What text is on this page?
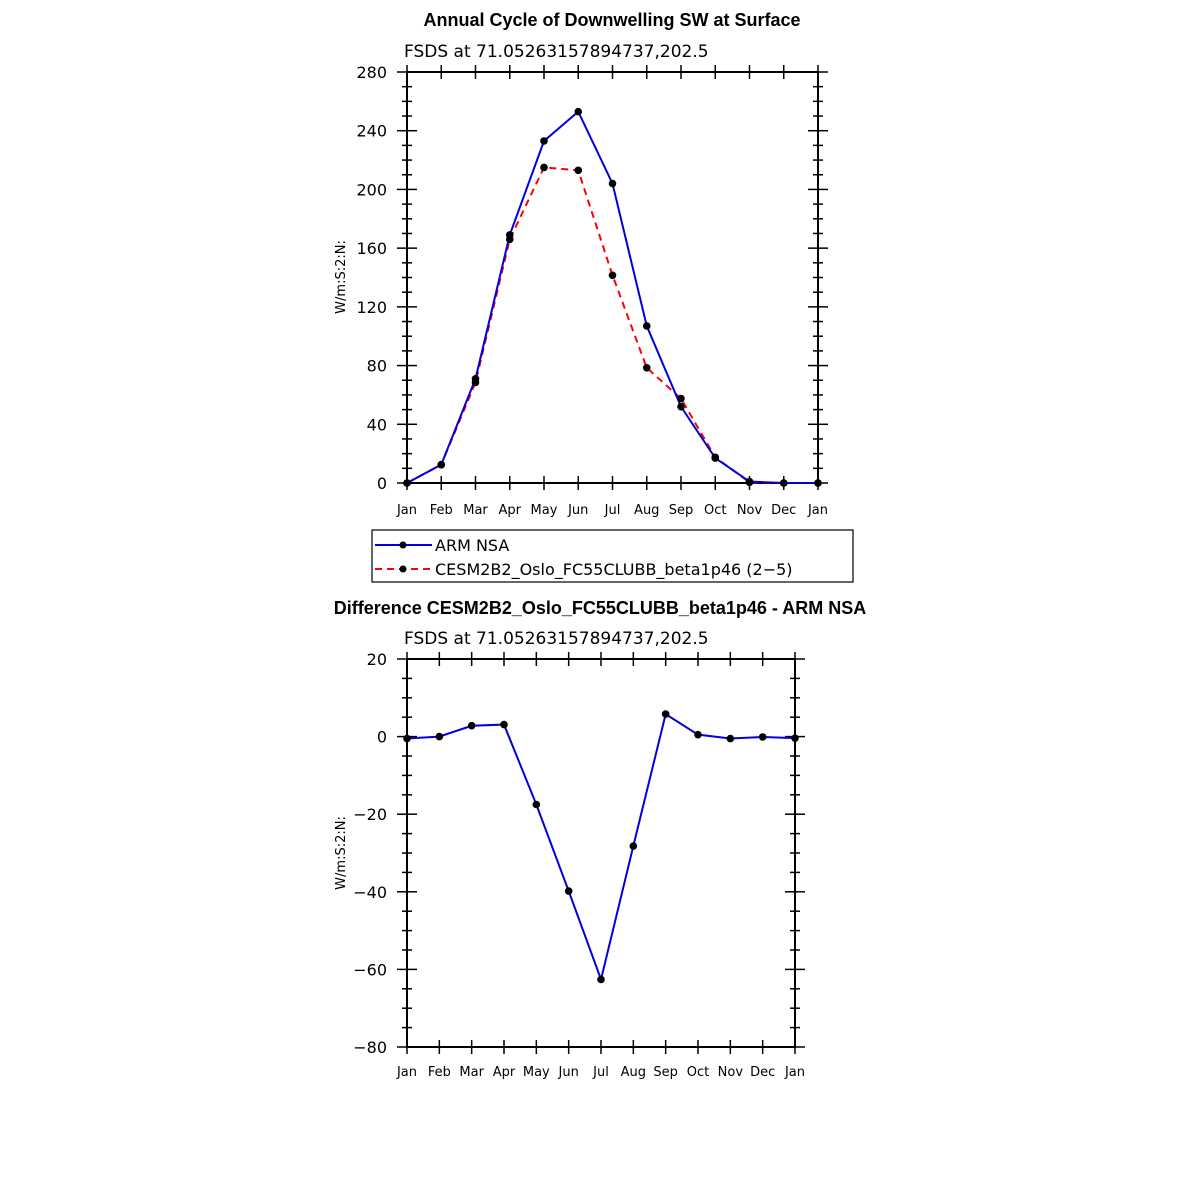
Annual Cycle of Downwelling SW at Surface
FSDS at 71.05263157894737,202.5
W/m:S:2:N:
0
40
80
120
160
200
240
280
Jan Feb Mar Apr May Jun Jul Aug Sep Oct Nov Dec Jan
ARM NSA
CESM2B2_Oslo_FC55CLUBB_beta1p46 (2−5)
Difference CESM2B2_Oslo_FC55CLUBB_beta1p46 - ARM NSA
FSDS at 71.05263157894737,202.5
W/m:S:2:N:
−80
−60
−40
−20
0
20
Jan Feb Mar Apr May Jun Jul Aug Sep Oct Nov Dec Jan
